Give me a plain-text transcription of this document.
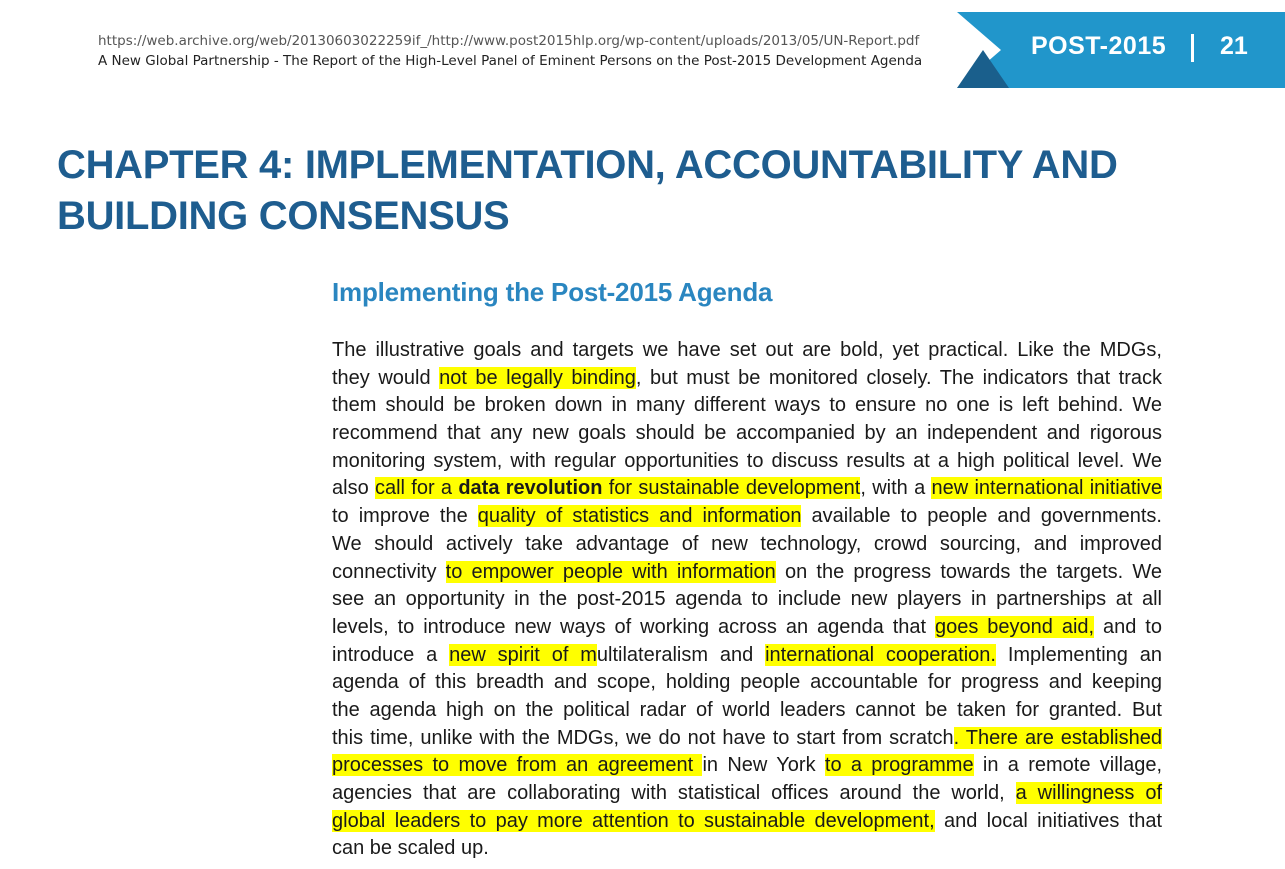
https://web.archive.org/web/20130603022259if_/http://www.post2015hlp.org/wp-content/uploads/2013/05/UN-Report.pdf
A New Global Partnership - The Report of the High-Level Panel of Eminent Persons on the Post-2015 Development Agenda
POST-2015 21
CHAPTER 4: IMPLEMENTATION, ACCOUNTABILITY AND
BUILDING CONSENSUS
Implementing the Post-2015 Agenda
The illustrative goals and targets we have set out are bold, yet practical. Like the MDGs,
they would not be legally binding, but must be monitored closely. The indicators that track
them should be broken down in many different ways to ensure no one is left behind. We
recommend that any new goals should be accompanied by an independent and rigorous
monitoring system, with regular opportunities to discuss results at a high political level. We
also call for a data revolution for sustainable development, with a new international initiative
to improve the quality of statistics and information available to people and governments.
We should actively take advantage of new technology, crowd sourcing, and improved
connectivity to empower people with information on the progress towards the targets. We
see an opportunity in the post-2015 agenda to include new players in partnerships at all
levels, to introduce new ways of working across an agenda that goes beyond aid, and to
introduce a new spirit of multilateralism and international cooperation. Implementing an
agenda of this breadth and scope, holding people accountable for progress and keeping
the agenda high on the political radar of world leaders cannot be taken for granted. But
this time, unlike with the MDGs, we do not have to start from scratch. There are established
processes to move from an agreement in New York to a programme in a remote village,
agencies that are collaborating with statistical offices around the world, a willingness of
global leaders to pay more attention to sustainable development, and local initiatives that
can be scaled up.
